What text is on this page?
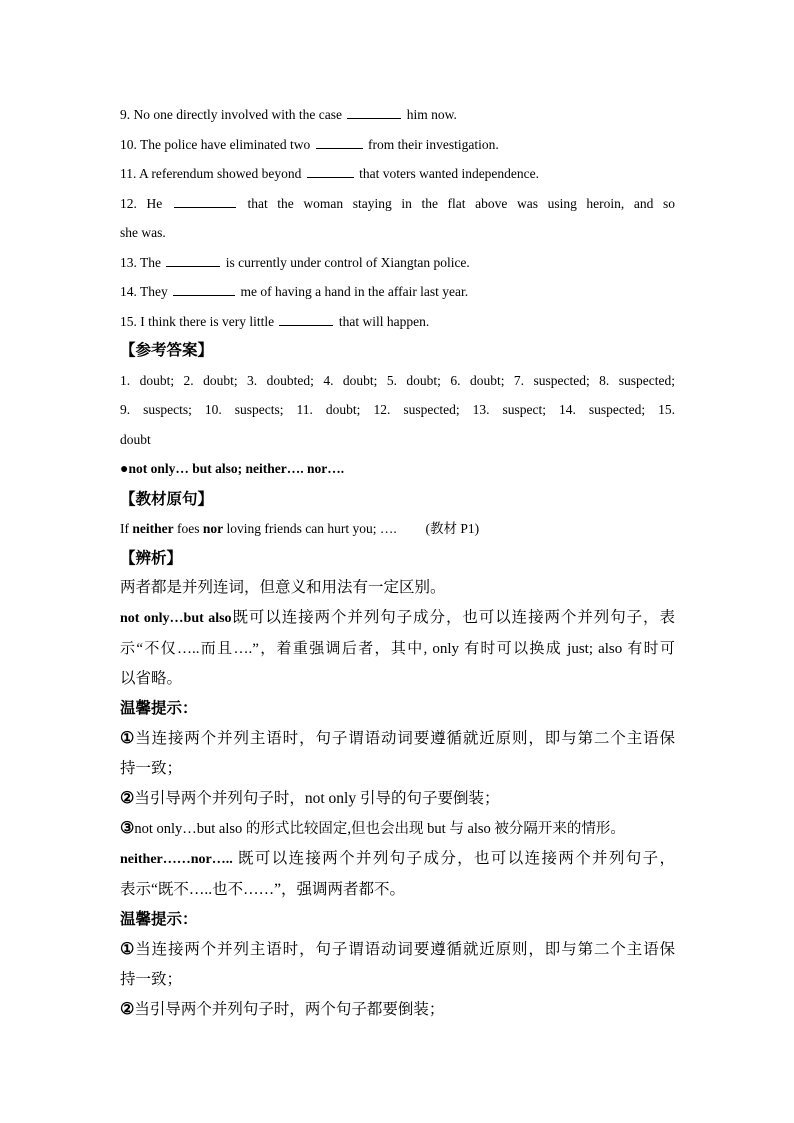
9. No one directly involved with the case	him now.
10. The police have eliminated two	from their investigation.
11. A referendum showed beyond	that voters wanted independence.
12. He	that the woman staying in the flat above was using heroin, and so
she was.
13. The	is currently under control of Xiangtan police.
14. They	me of having a hand in the affair last year.
15. I think there is very little	that will happen.
【参考答案】
1. doubt; 2. doubt; 3. doubted; 4. doubt; 5. doubt; 6. doubt; 7. suspected; 8. suspected;
9. suspects; 10. suspects; 11. doubt; 12. suspected; 13. suspect; 14. suspected; 15.
doubt
●not only… but also; neither…. nor….
【教材原句】
If neither foes nor loving friends can hurt you; …. (教材 P1)
【辨析】
两者都是并列连词，但意义和用法有一定区别。
not only…but also既可以连接两个并列句子成分，也可以连接两个并列句子，表
示“不仅…..而且….”，着重强调后者，其中, only 有时可以换成 just; also 有时可
以省略。
温馨提示：
①当连接两个并列主语时，句子谓语动词要遵循就近原则，即与第二个主语保
持一致；
②当引导两个并列句子时，not only 引导的句子要倒装；
③not only…but also 的形式比较固定,但也会出现 but 与 also 被分隔开来的情形。
neither……nor….. 既可以连接两个并列句子成分，也可以连接两个并列句子，
表示“既不…..也不……”，强调两者都不。
温馨提示：
①当连接两个并列主语时，句子谓语动词要遵循就近原则，即与第二个主语保
持一致；
②当引导两个并列句子时，两个句子都要倒装；
